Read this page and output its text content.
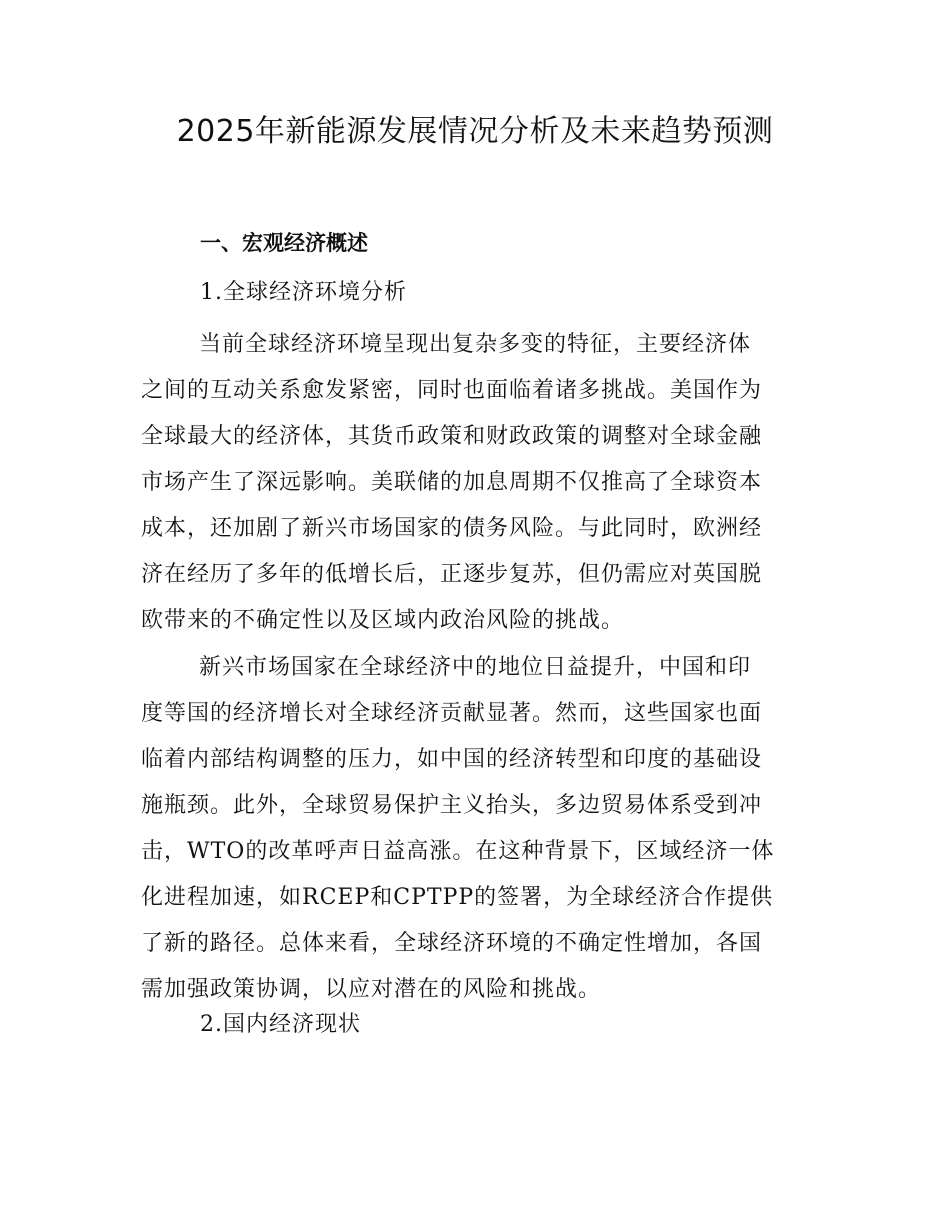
2025年新能源发展情况分析及未来趋势预测
一、宏观经济概述
1.全球经济环境分析
当前全球经济环境呈现出复杂多变的特征，主要经济体
之间的互动关系愈发紧密，同时也面临着诸多挑战。美国作为
全球最大的经济体，其货币政策和财政政策的调整对全球金融
市场产生了深远影响。美联储的加息周期不仅推高了全球资本
成本，还加剧了新兴市场国家的债务风险。与此同时，欧洲经
济在经历了多年的低增长后，正逐步复苏，但仍需应对英国脱
欧带来的不确定性以及区域内政治风险的挑战。
新兴市场国家在全球经济中的地位日益提升，中国和印
度等国的经济增长对全球经济贡献显著。然而，这些国家也面
临着内部结构调整的压力，如中国的经济转型和印度的基础设
施瓶颈。此外，全球贸易保护主义抬头，多边贸易体系受到冲
击，WTO的改革呼声日益高涨。在这种背景下，区域经济一体
化进程加速，如RCEP和CPTPP的签署，为全球经济合作提供
了新的路径。总体来看，全球经济环境的不确定性增加，各国
需加强政策协调，以应对潜在的风险和挑战。
2.国内经济现状
